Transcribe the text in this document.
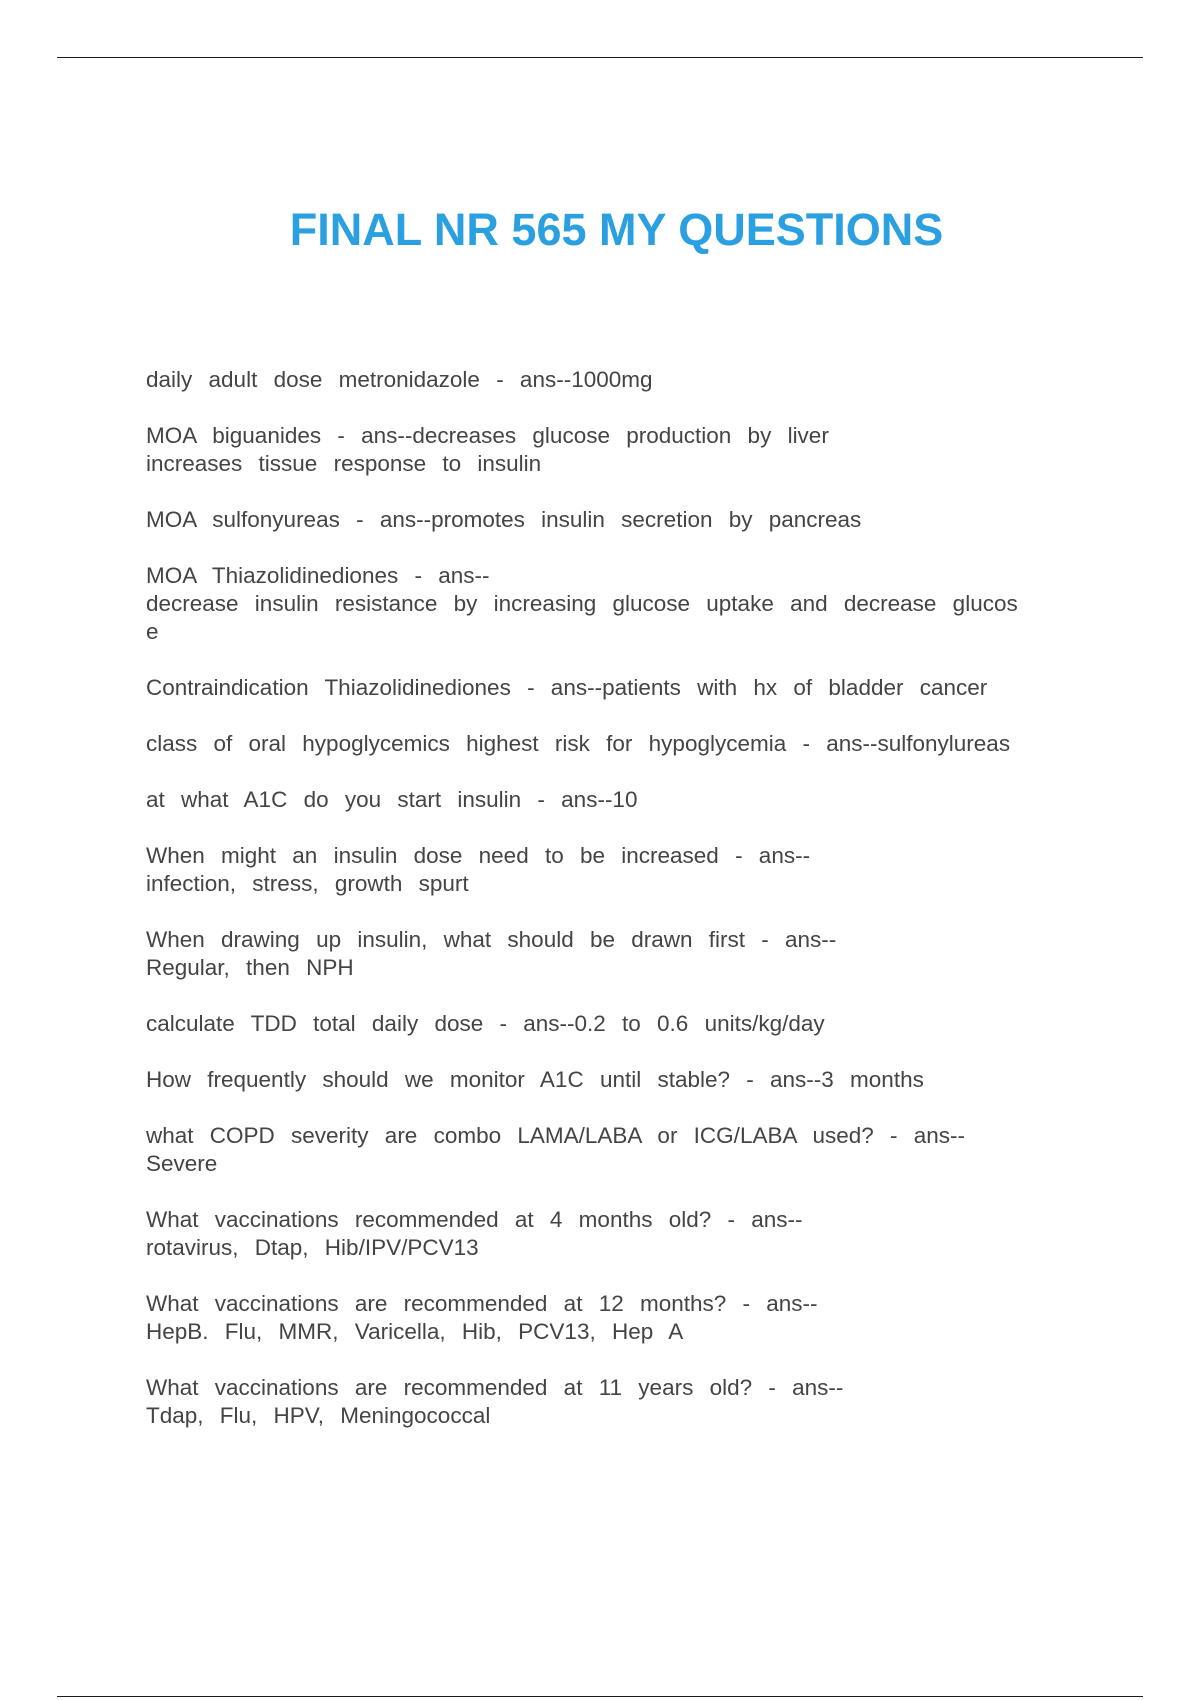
FINAL NR 565 MY QUESTIONS
daily adult dose metronidazole - ans--1000mg
MOA biguanides - ans--decreases glucose production by liver
increases tissue response to insulin
MOA sulfonyureas - ans--promotes insulin secretion by pancreas
MOA Thiazolidinediones - ans--
decrease insulin resistance by increasing glucose uptake and decrease glucos
e
Contraindication Thiazolidinediones - ans--patients with hx of bladder cancer
class of oral hypoglycemics highest risk for hypoglycemia - ans--sulfonylureas
at what A1C do you start insulin - ans--10
When might an insulin dose need to be increased - ans--
infection, stress, growth spurt
When drawing up insulin, what should be drawn first - ans--
Regular, then NPH
calculate TDD total daily dose - ans--0.2 to 0.6 units/kg/day
How frequently should we monitor A1C until stable? - ans--3 months
what COPD severity are combo LAMA/LABA or ICG/LABA used? - ans--
Severe
What vaccinations recommended at 4 months old? - ans--
rotavirus, Dtap, Hib/IPV/PCV13
What vaccinations are recommended at 12 months? - ans--
HepB. Flu, MMR, Varicella, Hib, PCV13, Hep A
What vaccinations are recommended at 11 years old? - ans--
Tdap, Flu, HPV, Meningococcal
